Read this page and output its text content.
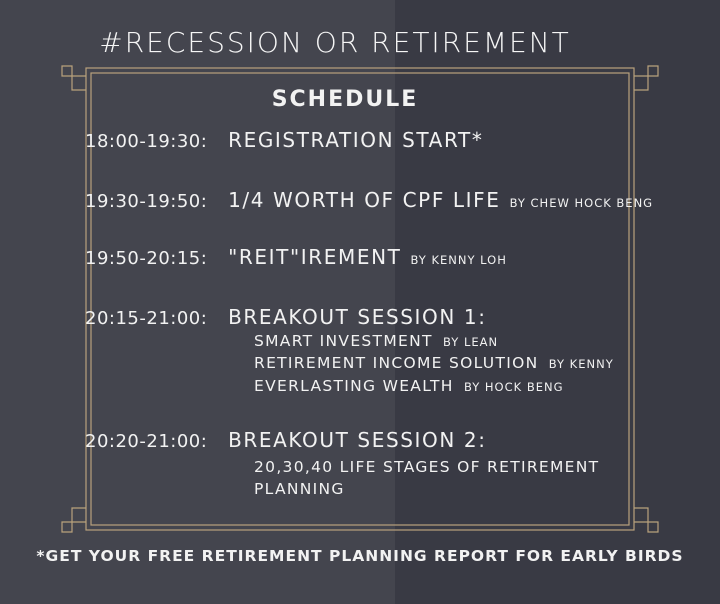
#RECESSION OR RETIREMENT
SCHEDULE
18:00-19:30: REGISTRATION START*
19:30-19:50: 1/4 WORTH OF CPF LIFE BY CHEW HOCK BENG
19:50-20:15: "REIT"IREMENT BY KENNY LOH
20:15-21:00: BREAKOUT SESSION 1:
SMART INVESTMENT BY LEAN
RETIREMENT INCOME SOLUTION BY KENNY
EVERLASTING WEALTH BY HOCK BENG
20:20-21:00: BREAKOUT SESSION 2:
20,30,40 LIFE STAGES OF RETIREMENT
PLANNING
*GET YOUR FREE RETIREMENT PLANNING REPORT FOR EARLY BIRDS
